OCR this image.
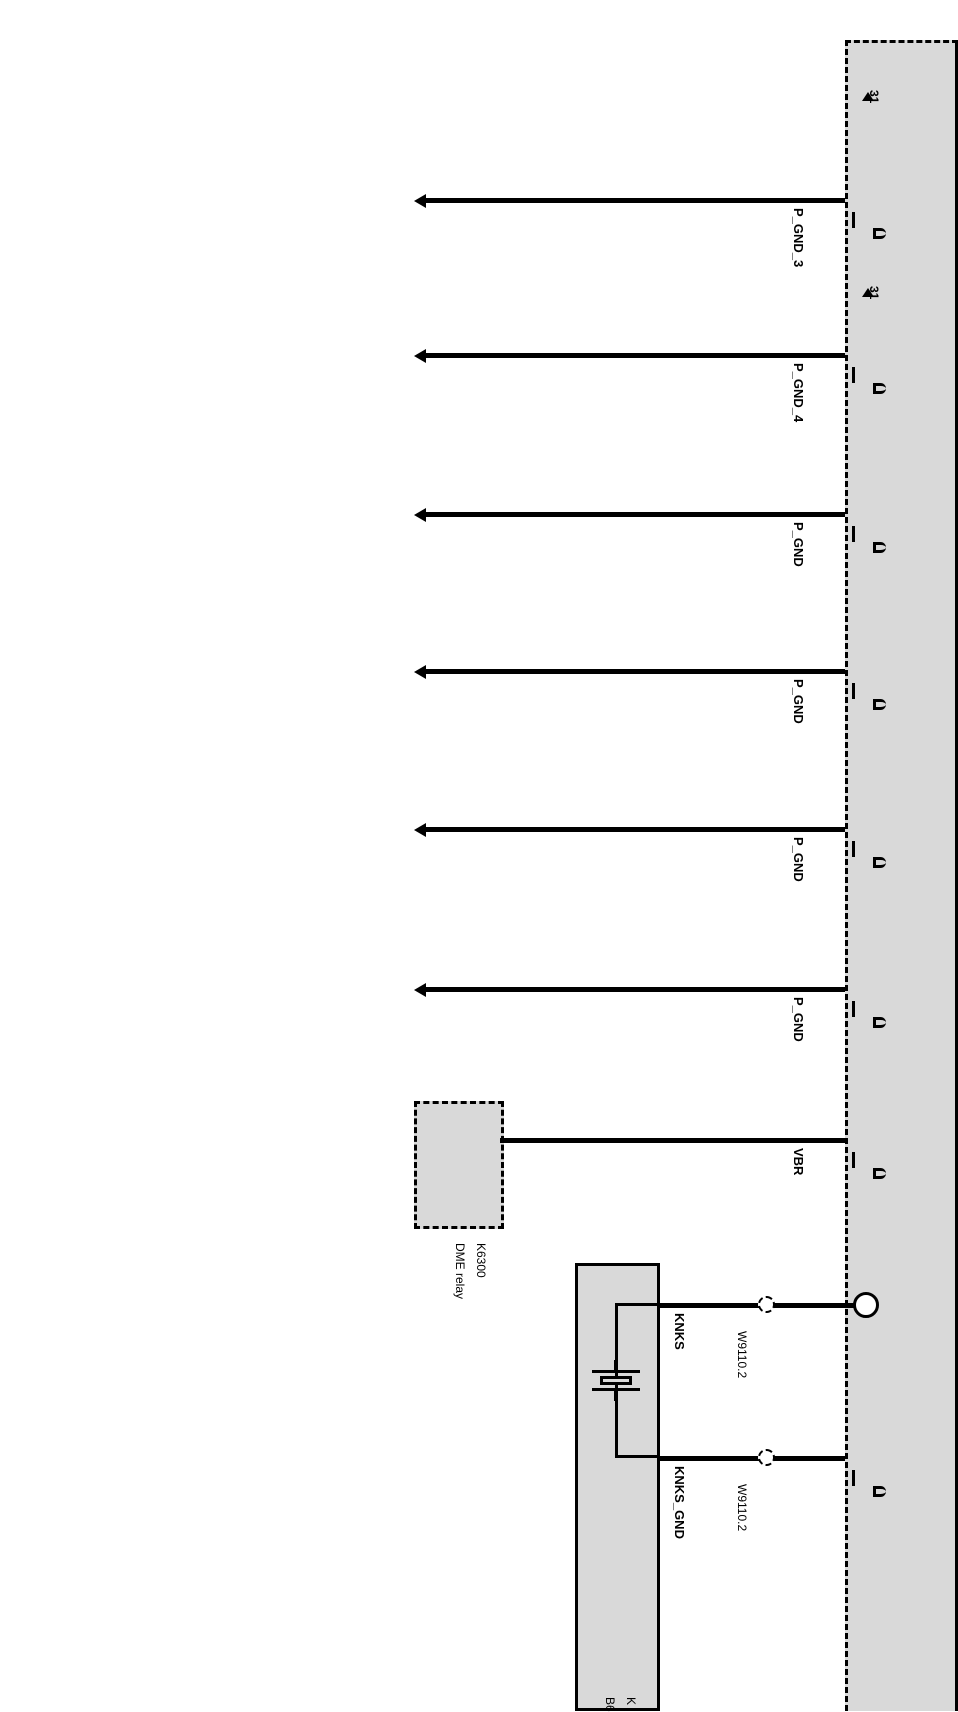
31
P_GND_3
31
P_GND_4
P_GND
P_GND
P_GND
P_GND
K6300
DME relay
VBR
K
B6
KNKS	W9110.2
KNKS_GND	W9110.2
